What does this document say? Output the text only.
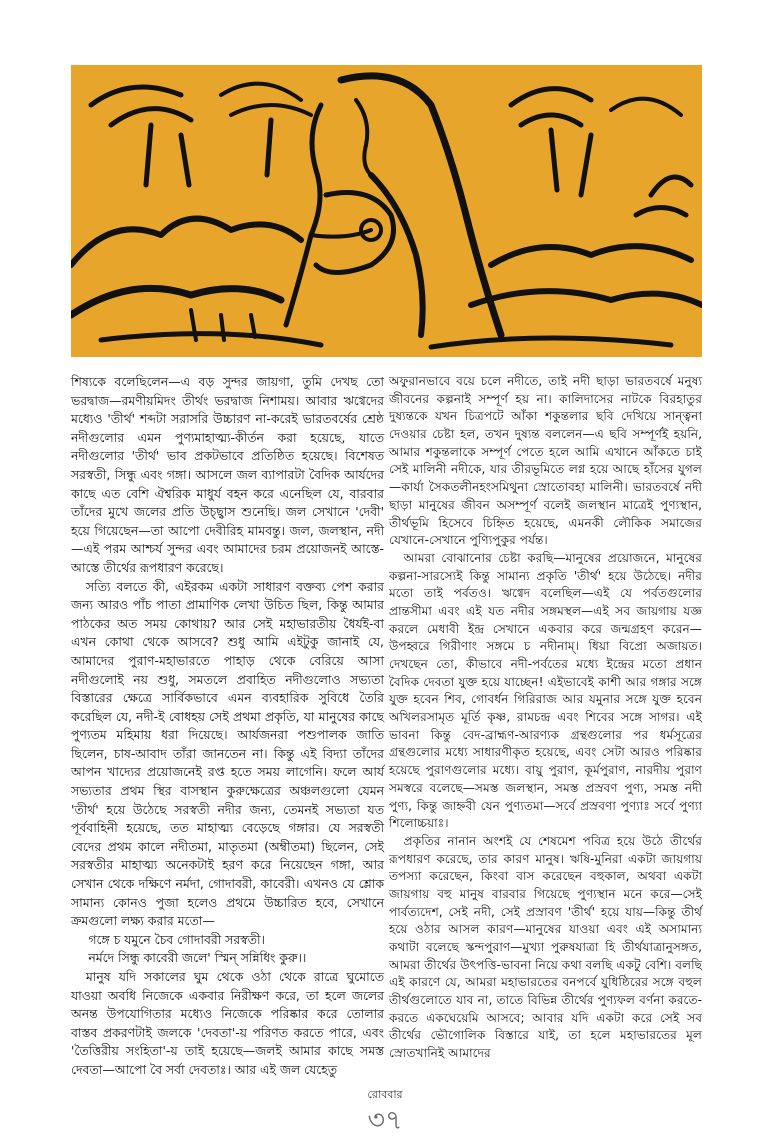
শিষ্যকে বলেছিলেন—এ বড় সুন্দর জায়গা, তুমি দেখছ তো ভরদ্বাজ—রমণীয়মিদং তীর্থং ভরদ্বাজ নিশাময়। আবার ঋগ্বেদের মধ্যেও 'তীর্থ' শব্দটা সরাসরি উচ্চারণ না-করেই ভারতবর্ষের শ্রেষ্ঠ নদীগুলোর এমন পুণ্যমাহাত্ম্য-কীর্তন করা হয়েছে, যাতে নদীগুলোর 'তীর্থ' ভাব প্রকটভাবে প্রতিষ্ঠিত হয়েছে। বিশেষত সরস্বতী, সিন্ধু এবং গঙ্গা। আসলে জল ব্যাপারটা বৈদিক আর্যদের কাছে এত বেশি ঐশ্বরিক মাধুর্য বহন করে এনেছিল যে, বারবার তাঁদের মুখে জলের প্রতি উচ্ছ্বাস শুনেছি। জল সেখানে 'দেবী' হয়ে গিয়েছেন—তা আপো দেবীরিহ মামবন্তু। জল, জলস্থান, নদী—এই পরম আশ্চর্য সুন্দর এবং আমাদের চরম প্রয়োজনই আস্তে-আস্তে তীর্থের রূপধারণ করেছে।

সত্যি বলতে কী, এইরকম একটা সাধারণ বক্তব্য পেশ করার জন্য আরও পাঁচ পাতা প্রামাণিক লেখা উচিত ছিল, কিন্তু আমার পাঠকের অত সময় কোথায়? আর সেই মহাভারতীয় ধৈর্যই-বা এখন কোথা থেকে আসবে? শুধু আমি এইটুকু জানাই যে, আমাদের পুরাণ-মহাভারতে পাহাড় থেকে বেরিয়ে আসা নদীগুলোই নয় শুধু, সমতলে প্রবাহিত নদীগুলোও সভ্যতা বিস্তারের ক্ষেত্রে সার্বিকভাবে এমন ব্যবহারিক সুবিধে তৈরি করেছিল যে, নদী-ই বোধহয় সেই প্রথমা প্রকৃতি, যা মানুষের কাছে পুণ্যতম মহিমায় ধরা দিয়েছে। আর্যজনরা পশুপালক জাতি ছিলেন, চাষ-আবাদ তাঁরা জানতেন না। কিন্তু এই বিদ্যা তাঁদের আপন খাদ্যের প্রয়োজনেই রপ্ত হতে সময় লাগেনি। ফলে আর্য সভ্যতার প্রথম স্থির বাসস্থান কুরুক্ষেত্রের অঞ্চলগুলো যেমন 'তীর্থ' হয়ে উঠেছে সরস্বতী নদীর জন্য, তেমনই সভ্যতা যত পূর্ববাহিনী হয়েছে, তত মাহাত্ম্য বেড়েছে গঙ্গার। যে সরস্বতী বেদের প্রথম কালে নদীতমা, মাতৃতমা (অম্বীতমা) ছিলেন, সেই সরস্বতীর মাহাত্ম্য অনেকটাই হরণ করে নিয়েছেন গঙ্গা, আর সেখান থেকে দক্ষিণে নর্মদা, গোদাবরী, কাবেরী। এখনও যে শ্লোক সামান্য কোনও পুজা হলেও প্রথমে উচ্চারিত হবে, সেখানে ক্রমগুলো লক্ষ্য করার মতো—

গঙ্গে চ যমুনে চৈব গোদাবরী সরস্বতী।

নর্মদে সিন্ধু কাবেরী জলে' স্মিন্ সন্নিধিং কুরু।।

মানুষ যদি সকালের ঘুম থেকে ওঠা থেকে রাত্রে ঘুমোতে যাওয়া অবধি নিজেকে একবার নিরীক্ষণ করে, তা হলে জলের অনন্ত উপযোগিতার মধ্যেও নিজেকে পরিষ্কার করে তোলার বাস্তব প্রকরণটাই জলকে 'দেবতা'-য় পরিণত করতে পারে, এবং 'তৈত্তিরীয় সংহিতা'-য় তাই হয়েছে—জলই আমার কাছে সমস্ত দেবতা—আপো বৈ সর্বা দেবতাঃ। আর এই জল যেহেতু

অফুরানভাবে বয়ে চলে নদীতে, তাই নদী ছাড়া ভারতবর্ষে মনুষ্য জীবনের কল্পনাই সম্পূর্ণ হয় না। কালিদাসের নাটকে বিরহাতুর দুষ্যন্তকে যখন চিত্রপটে আঁকা শকুন্তলার ছবি দেখিয়ে সান্ত্বনা দেওয়ার চেষ্টা হল, তখন দুষ্যন্ত বললেন—এ ছবি সম্পূর্ণই হয়নি, আমার শকুন্তলাকে সম্পূর্ণ পেতে হলে আমি এখানে আঁকতে চাই সেই মালিনী নদীকে, যার তীরভূমিতে লগ্ন হয়ে আছে হাঁসের যুগল—কার্যা সৈকতলীনহংসমিথুনা স্রোতোবহা মালিনী। ভারতবর্ষে নদী ছাড়া মানুষের জীবন অসম্পূর্ণ বলেই জলস্থান মাত্রেই পুণ্যস্থান, তীর্থভূমি হিসেবে চিহ্নিত হয়েছে, এমনকী লৌকিক সমাজের যেখানে-সেখানে পুণ্যিপুকুর পর্যন্ত।

আমরা বোঝানোর চেষ্টা করছি—মানুষের প্রয়োজনে, মানুষের কল্পনা-সারস্যেই কিন্তু সামান্য প্রকৃতি 'তীর্থ' হয়ে উঠেছে। নদীর মতো তাই পর্বতও। ঋগ্বেদ বলেছিল—এই যে পর্বতগুলোর প্রান্তসীমা এবং এই যত নদীর সঙ্গমস্থল—এই সব জায়গায় যজ্ঞ করলে মেধাবী ইন্দ্র সেখানে একবার করে জন্মগ্রহণ করেন—উপহ্বরে গিরীণাং সঙ্গমে চ নদীনাম্। ধিয়া বিপ্রো অজায়ত। দেখছেন তো, কীভাবে নদী-পর্বতের মধ্যে ইন্দ্রের মতো প্রধান বৈদিক দেবতা যুক্ত হয়ে যাচ্ছেন! এইভাবেই কাশী আর গঙ্গার সঙ্গে যুক্ত হবেন শিব, গোবর্ধন গিরিরাজ আর যমুনার সঙ্গে যুক্ত হবেন অখিলরসামৃত মূর্তি কৃষ্ণ, রামচন্দ্র এবং শিবের সঙ্গে সাগর। এই ভাবনা কিন্তু বেদ-ব্রাহ্মণ-আরণ্যক গ্রন্থগুলোর পর ধর্মসূত্রের গ্রন্থগুলোর মধ্যে সাধারণীকৃত হয়েছে, এবং সেটা আরও পরিষ্কার হয়েছে পুরাণগুলোর মধ্যে। বায়ু পুরাণ, কূর্মপুরাণ, নারদীয় পুরাণ সমস্বরে বলেছে—সমস্ত জলস্থান, সমস্ত প্রস্রবণ পুণ্য, সমস্ত নদী পুণ্য, কিন্তু জাহ্নবী যেন পুণ্যতমা—সর্বে প্রস্রবণা পুণ্যাঃ সর্বে পুণ্যা শিলোচ্চয়াঃ।

প্রকৃতির নানান অংশই যে শেষমেশ পবিত্র হয়ে উঠে তীর্থের রূপধারণ করেছে, তার কারণ মানুষ। ঋষি-মুনিরা একটা জায়গায় তপস্যা করেছেন, কিংবা বাস করেছেন বহুকাল, অথবা একটা জায়গায় বহু মানুষ বারবার গিয়েছে পুণ্যস্থান মনে করে—সেই পার্বত্যদেশ, সেই নদী, সেই প্রস্রাবণ 'তীর্থ' হয়ে যায়—কিন্তু তীর্থ হয়ে ওঠার আসল কারণ—মানুষের যাওয়া এবং এই অসামান্য কথাটা বলেছে স্কন্দপুরাণ—মুখ্যা পুরুষযাত্রা হি তীর্থযাত্রানুসঙ্গত, আমরা তীর্থের উৎপত্তি-ভাবনা নিয়ে কথা বলছি একটু বেশি। বলছি এই কারণে যে, আমরা মহাভারতের বনপর্বে যুধিষ্ঠিরের সঙ্গে বহুল তীর্থগুলোতে যাব না, তাতে বিভিন্ন তীর্থের পুণ্যফল বর্ণনা করতে-করতে একঘেয়েমি আসবে; আবার যদি একটা করে সেই সব তীর্থের ভৌগোলিক বিস্তারে যাই, তা হলে মহাভারতের মূল স্রোতখানিই আমাদের

রোববার
৩৭
